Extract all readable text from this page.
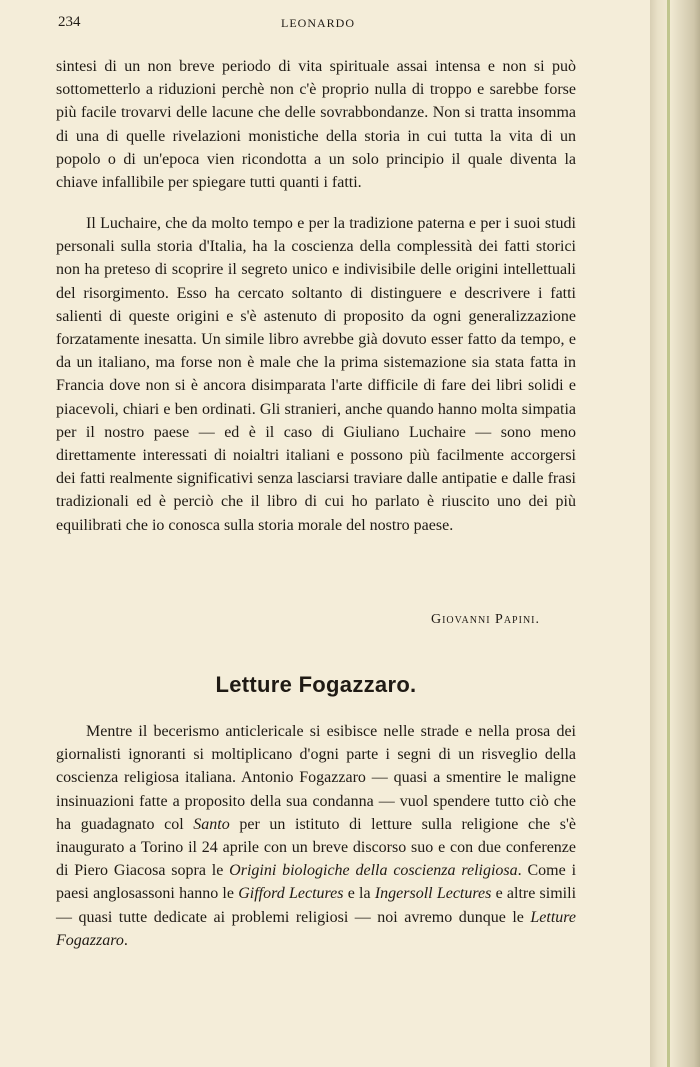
234	LEONARDO

sintesi di un non breve periodo di vita spirituale assai intensa e non si può sottometterlo a riduzioni perchè non c'è proprio nulla di troppo e sarebbe forse più facile trovarvi delle lacune che delle sovrabbondanze. Non si tratta insomma di una di quelle rivelazioni monistiche della storia in cui tutta la vita di un popolo o di un'epoca vien ricondotta a un solo principio il quale diventa la chiave infallibile per spiegare tutti quanti i fatti.

Il Luchaire, che da molto tempo e per la tradizione paterna e per i suoi studi personali sulla storia d'Italia, ha la coscienza della complessità dei fatti storici non ha preteso di scoprire il segreto unico e indivisibile delle origini intellettuali del risorgimento. Esso ha cercato soltanto di distinguere e descrivere i fatti salienti di queste origini e s'è astenuto di proposito da ogni generalizzazione forzatamente inesatta. Un simile libro avrebbe già dovuto esser fatto da tempo, e da un italiano, ma forse non è male che la prima sistemazione sia stata fatta in Francia dove non si è ancora disimparata l'arte difficile di fare dei libri solidi e piacevoli, chiari e ben ordinati. Gli stranieri, anche quando hanno molta simpatia per il nostro paese — ed è il caso di Giuliano Luchaire — sono meno direttamente interessati di noialtri italiani e possono più facilmente accorgersi dei fatti realmente significativi senza lasciarsi traviare dalle antipatie e dalle frasi tradizionali ed è perciò che il libro di cui ho parlato è riuscito uno dei più equilibrati che io conosca sulla storia morale del nostro paese.

Giovanni Papini.
Letture Fogazzaro.

Mentre il becerismo anticlericale si esibisce nelle strade e nella prosa dei giornalisti ignoranti si moltiplicano d'ogni parte i segni di un risveglio della coscienza religiosa italiana. Antonio Fogazzaro — quasi a smentire le maligne insinuazioni fatte a proposito della sua condanna — vuol spendere tutto ciò che ha guadagnato col Santo per un istituto di letture sulla religione che s'è inaugurato a Torino il 24 aprile con un breve discorso suo e con due conferenze di Piero Giacosa sopra le Origini biologiche della coscienza religiosa. Come i paesi anglosassoni hanno le Gifford Lectures e la Ingersoll Lectures e altre simili — quasi tutte dedicate ai problemi religiosi — noi avremo dunque le Letture Fogazzaro.
